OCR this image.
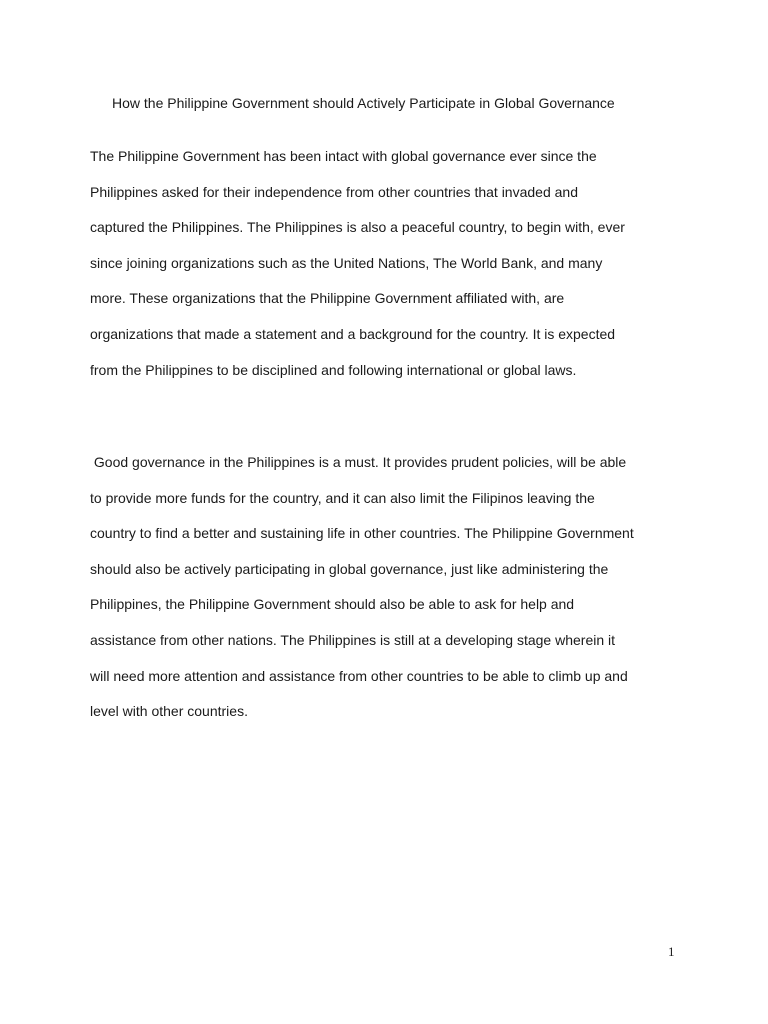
How the Philippine Government should Actively Participate in Global Governance
The Philippine Government has been intact with global governance ever since the
Philippines asked for their independence from other countries that invaded and
captured the Philippines. The Philippines is also a peaceful country, to begin with, ever
since joining organizations such as the United Nations, The World Bank, and many
more. These organizations that the Philippine Government affiliated with, are
organizations that made a statement and a background for the country. It is expected
from the Philippines to be disciplined and following international or global laws.
Good governance in the Philippines is a must. It provides prudent policies, will be able
to provide more funds for the country, and it can also limit the Filipinos leaving the
country to find a better and sustaining life in other countries. The Philippine Government
should also be actively participating in global governance, just like administering the
Philippines, the Philippine Government should also be able to ask for help and
assistance from other nations. The Philippines is still at a developing stage wherein it
will need more attention and assistance from other countries to be able to climb up and
level with other countries.
1
